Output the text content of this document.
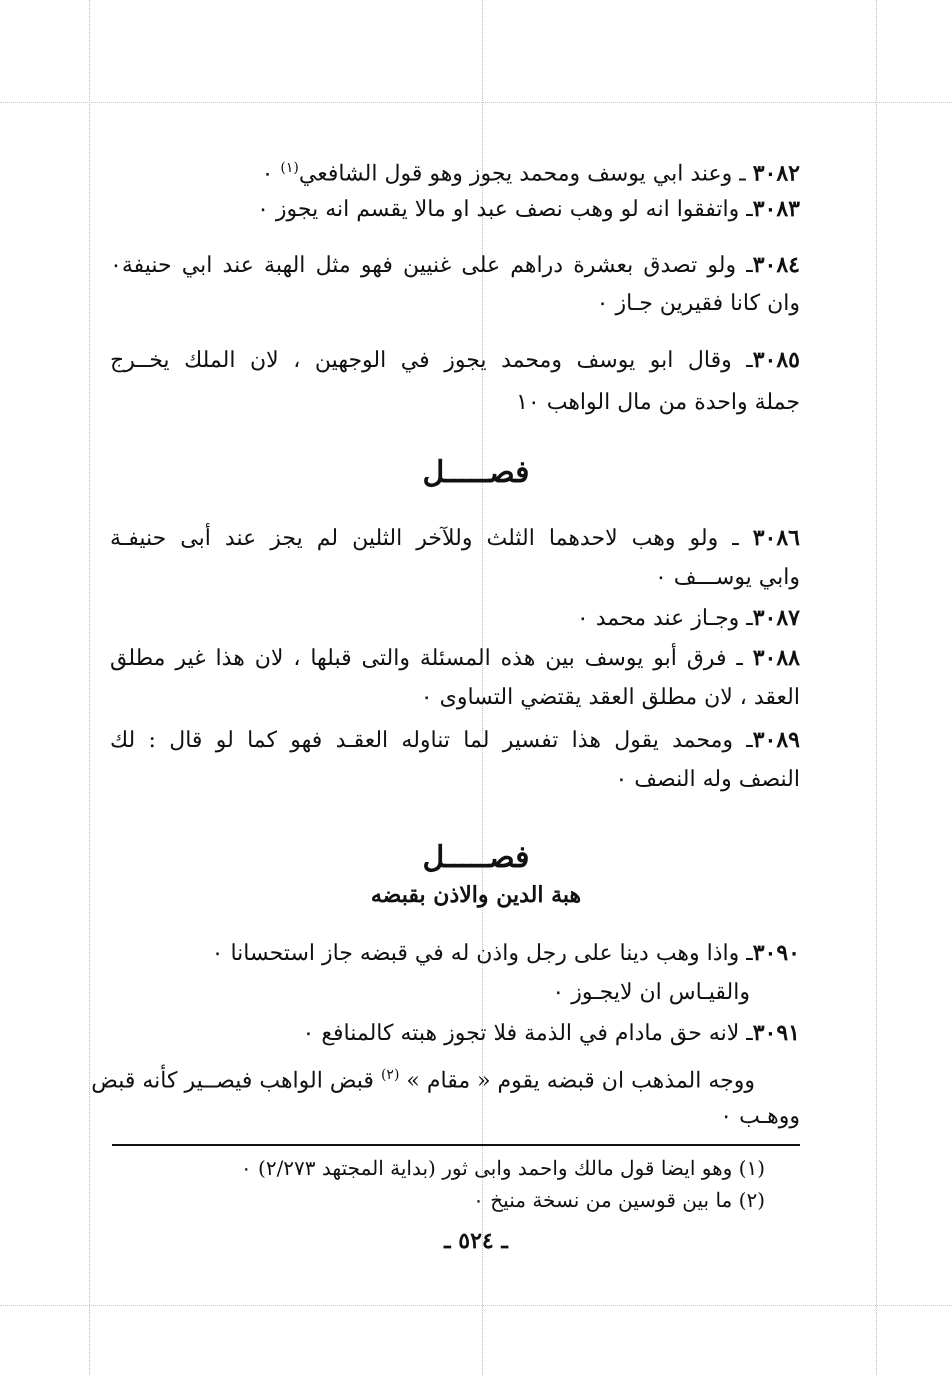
٣٠٨٢ ـ وعند ابي يوسف ومحمد يجوز وهو قول الشافعي$^{(١)}$ ٠
٣٠٨٣ـ واتفقوا انه لو وهب نصف عبد او مالا يقسم انه يجوز ٠
٣٠٨٤ـ ولو تصدق بعشرة دراهم على غنيين فهو مثل الهبة عند ابي حنيفة٠
وان كانا فقيرين جـاز ٠
٣٠٨٥ـ وقال ابو يوسف ومحمد يجوز في الوجهين ، لان الملك يخــرج
جملة واحدة من مال الواهب ١٠
فصـــــل
٣٠٨٦ ـ ولو وهب لاحدهما الثلث وللآخر الثلين لم يجز عند أبى حنيفـة
وابي يوســـف ٠
٣٠٨٧ـ وجـاز عند محمد ٠
٣٠٨٨ ـ فرق أبو يوسف بين هذه المسئلة والتى قبلها ، لان هذا غير مطلق
العقد ، لان مطلق العقد يقتضي التساوى ٠
٣٠٨٩ـ ومحمد يقول هذا تفسير لما تناوله العقـد فهو كما لو قال : لك
النصف وله النصف ٠
فصـــــل
هبة الدين والاذن بقبضه
٣٠٩٠ـ واذا وهب دينا على رجل واذن له في قبضه جاز استحسانا ٠
والقيـاس ان لايجـوز ٠
٣٠٩١ـ لانه حق مادام في الذمة فلا تجوز هبته كالمنافع ٠
ووجه المذهب ان قبضه يقوم « مقام » $^{(٢)}$ قبض الواهب فيصــير كأنه قبض
ووهـب ٠
(١) وهو ايضا قول مالك واحمد وابى ثور (بداية المجتهد ٢/٢٧٣) ٠
(٢) ما بين قوسين من نسخة منيخ ٠
ـ ٥٢٤ ـ
